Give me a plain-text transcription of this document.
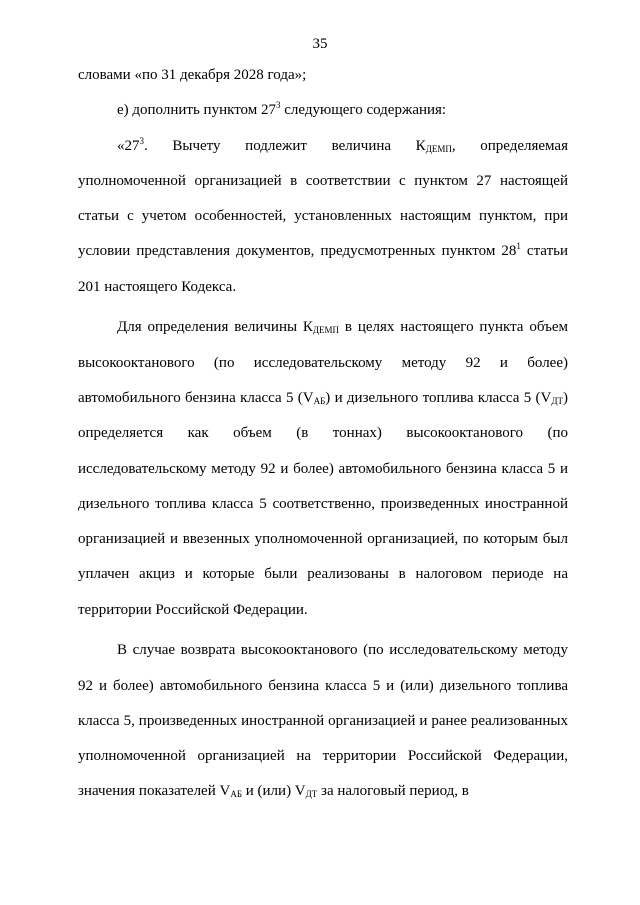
35

словами «по 31 декабря 2028 года»;

е) дополнить пунктом $27^3$ следующего содержания:

«$27^3$. Вычету подлежит величина $К_{ДЕМП}$, определяемая уполномоченной организацией в соответствии с пунктом 27 настоящей статьи с учетом особенностей, установленных настоящим пунктом, при условии представления документов, предусмотренных пунктом $28^1$ статьи 201 настоящего Кодекса.

Для определения величины $К_{ДЕМП}$ в целях настоящего пункта объем высокооктанового (по исследовательскому методу 92 и более) автомобильного бензина класса 5 $(V_{АБ})$ и дизельного топлива класса 5 $(V_{ДТ})$ определяется как объем (в тоннах) высокооктанового (по исследовательскому методу 92 и более) автомобильного бензина класса 5 и дизельного топлива класса 5 соответственно, произведенных иностранной организацией и ввезенных уполномоченной организацией, по которым был уплачен акциз и которые были реализованы в налоговом периоде на территории Российской Федерации.

В случае возврата высокооктанового (по исследовательскому методу 92 и более) автомобильного бензина класса 5 и (или) дизельного топлива класса 5, произведенных иностранной организацией и ранее реализованных уполномоченной организацией на территории Российской Федерации, значения показателей $V_{АБ}$ и (или) $V_{ДТ}$ за налоговый период, в
